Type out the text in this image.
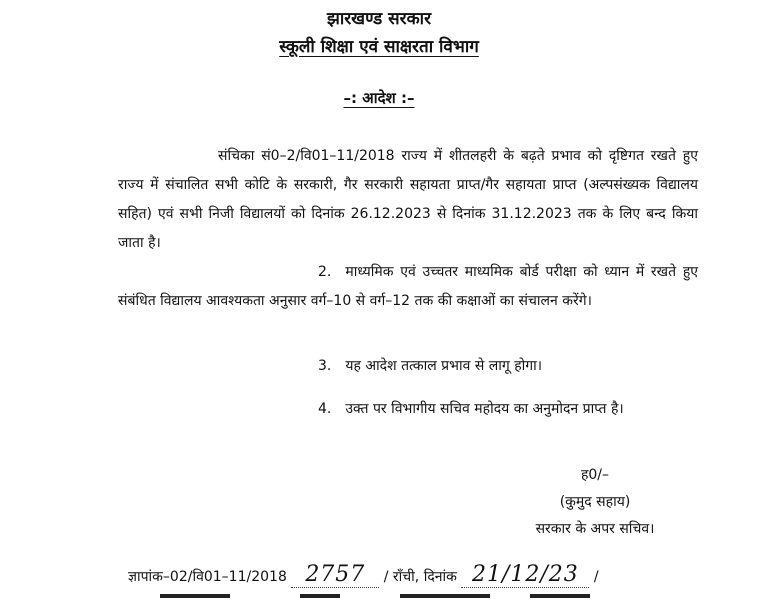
झारखण्ड सरकार
स्कूली शिक्षा एवं साक्षरता विभाग
–: आदेश :–

संचिका सं0–2/वि01–11/2018 राज्य में शीतलहरी के बढ़ते प्रभाव को दृष्टिगत रखते हुए राज्य में संचालित सभी कोटि के सरकारी, गैर सरकारी सहायता प्राप्त/गैर सहायता प्राप्त (अल्पसंख्यक विद्यालय सहित) एवं सभी निजी विद्यालयों को दिनांक 26.12.2023 से दिनांक 31.12.2023 तक के लिए बन्द किया जाता है।

2. माध्यमिक एवं उच्चतर माध्यमिक बोर्ड परीक्षा को ध्यान में रखते हुए संबंधित विद्यालय आवश्यकता अनुसार वर्ग–10 से वर्ग–12 तक की कक्षाओं का संचालन करेंगे।

3. यह आदेश तत्काल प्रभाव से लागू होगा।

4. उक्त पर विभागीय सचिव महोदय का अनुमोदन प्राप्त है।

ह0/–
(कुमुद सहाय)
सरकार के अपर सचिव।
ज्ञापांक–02/वि01–11/2018 2757 / राँची, दिनांक 21/12/23 /
